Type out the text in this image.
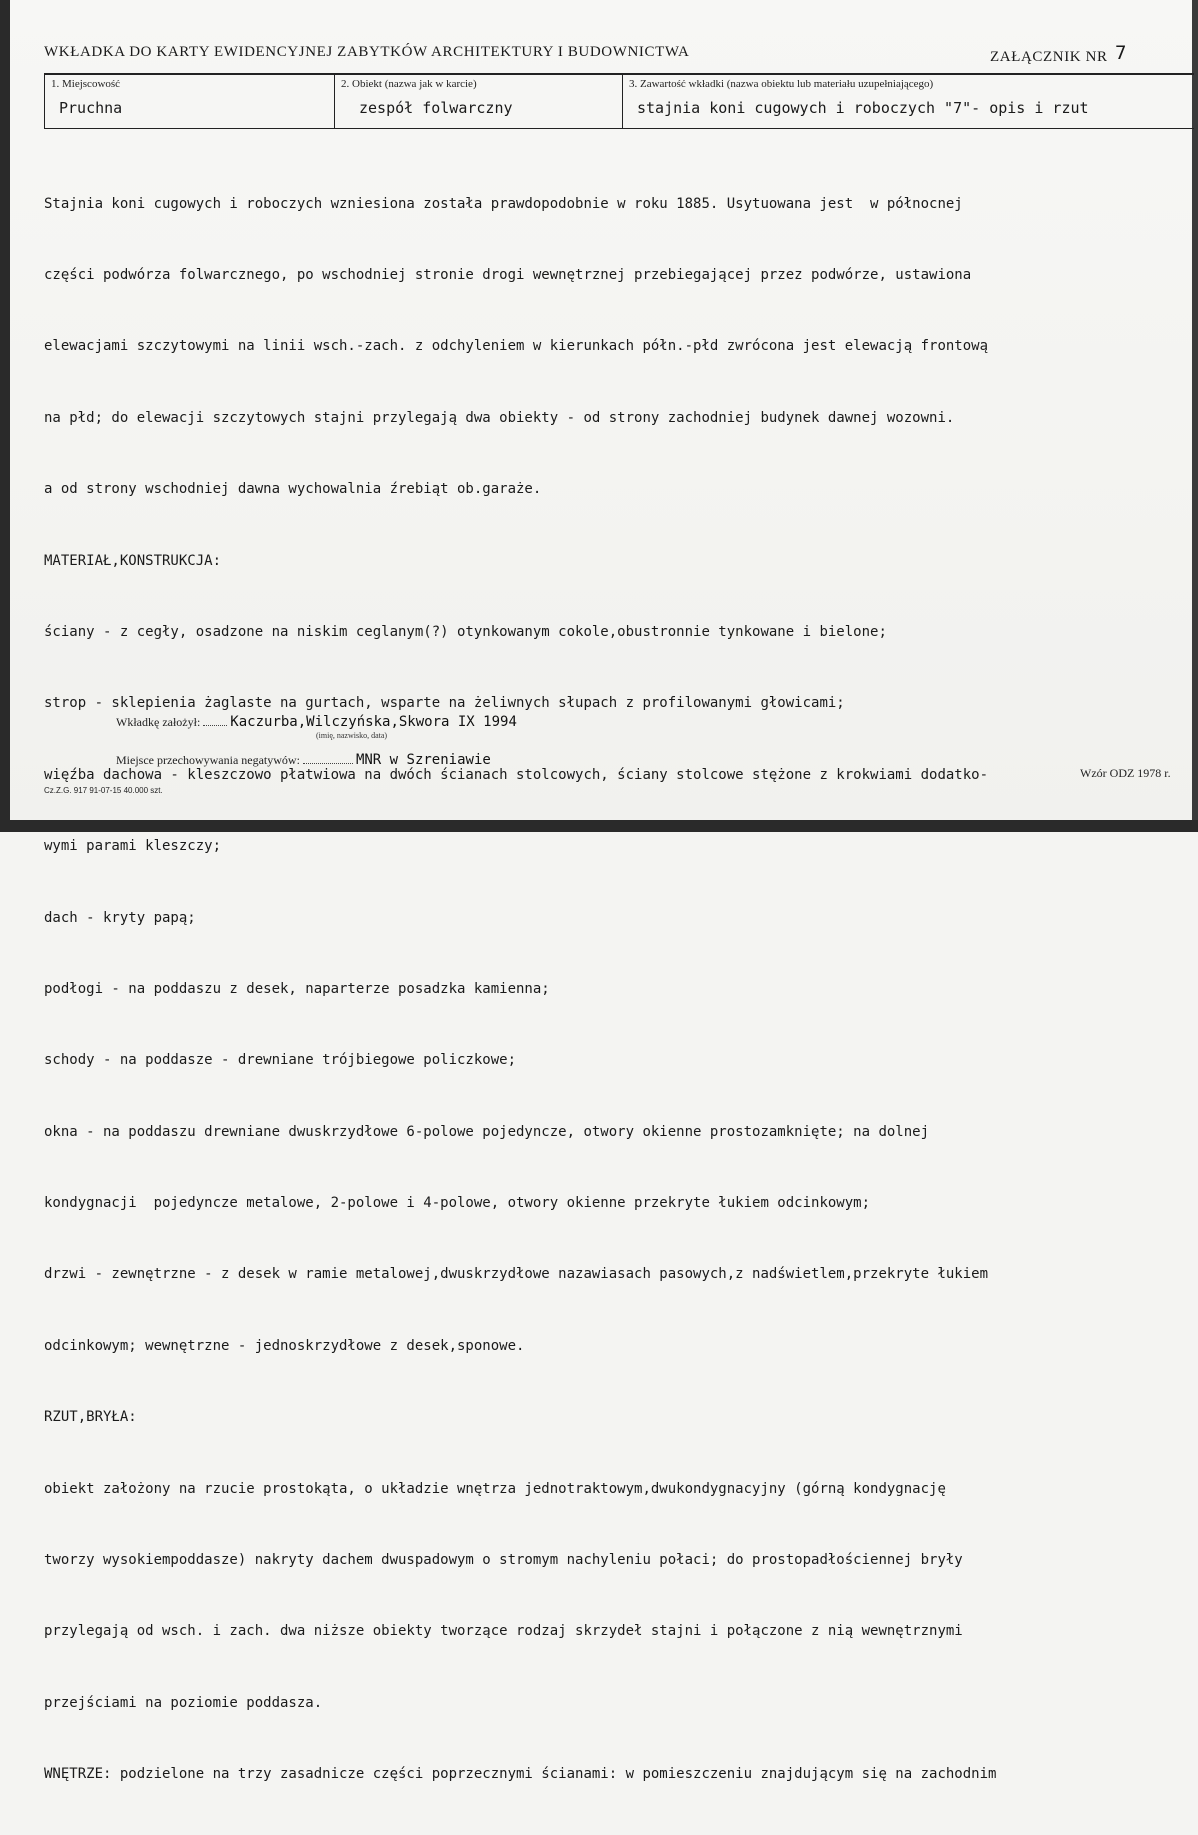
WKŁADKA DO KARTY EWIDENCYJNEJ ZABYTKÓW ARCHITEKTURY I BUDOWNICTWA	ZAŁĄCZNIK NR 7
1. Miejscowość
Pruchna
2. Obiekt (nazwa jak w karcie)
zespół folwarczny
3. Zawartość wkładki (nazwa obiektu lub materiału uzupełniającego)
stajnia koni cugowych i roboczych "7"- opis i rzut

Stajnia koni cugowych i roboczych wzniesiona została prawdopodobnie w roku 1885. Usytuowana jest  w północnej

części podwórza folwarcznego, po wschodniej stronie drogi wewnętrznej przebiegającej przez podwórze, ustawiona

elewacjami szczytowymi na linii wsch.-zach. z odchyleniem w kierunkach półn.-płd zwrócona jest elewacją frontową

na płd; do elewacji szczytowych stajni przylegają dwa obiekty - od strony zachodniej budynek dawnej wozowni.

a od strony wschodniej dawna wychowalnia źrebiąt ob.garaże.

MATERIAŁ,KONSTRUKCJA:

ściany - z cegły, osadzone na niskim ceglanym(?) otynkowanym cokole,obustronnie tynkowane i bielone;

strop - sklepienia żaglaste na gurtach, wsparte na żeliwnych słupach z profilowanymi głowicami;

więźba dachowa - kleszczowo płatwiowa na dwóch ścianach stolcowych, ściany stolcowe stężone z krokwiami dodatko-

wymi parami kleszczy;

dach - kryty papą;

podłogi - na poddaszu z desek, naparterze posadzka kamienna;

schody - na poddasze - drewniane trójbiegowe policzkowe;

okna - na poddaszu drewniane dwuskrzydłowe 6-polowe pojedyncze, otwory okienne prostozamknięte; na dolnej

kondygnacji  pojedyncze metalowe, 2-polowe i 4-polowe, otwory okienne przekryte łukiem odcinkowym;

drzwi - zewnętrzne - z desek w ramie metalowej,dwuskrzydłowe nazawiasach pasowych,z nadświetlem,przekryte łukiem

odcinkowym; wewnętrzne - jednoskrzydłowe z desek,sponowe.

RZUT,BRYŁA:

obiekt założony na rzucie prostokąta, o układzie wnętrza jednotraktowym,dwukondygnacyjny (górną kondygnację

tworzy wysokiempoddasze) nakryty dachem dwuspadowym o stromym nachyleniu połaci; do prostopadłościennej bryły

przylegają od wsch. i zach. dwa niższe obiekty tworzące rodzaj skrzydeł stajni i połączone z nią wewnętrznymi

przejściami na poziomie poddasza.

WNĘTRZE: podzielone na trzy zasadnicze części poprzecznymi ścianami: w pomieszczeniu znajdującym się na zachodnim

Wkładkę założył: Kaczurba,Wilczyńska,Skwora IX 1994
(imię, nazwisko, data)
Miejsce przechowywania negatywów:	MNR w Szreniawie
Wzór ODZ 1978 r.
Cz.Z.G. 917 91-07-15 40.000 szt.
